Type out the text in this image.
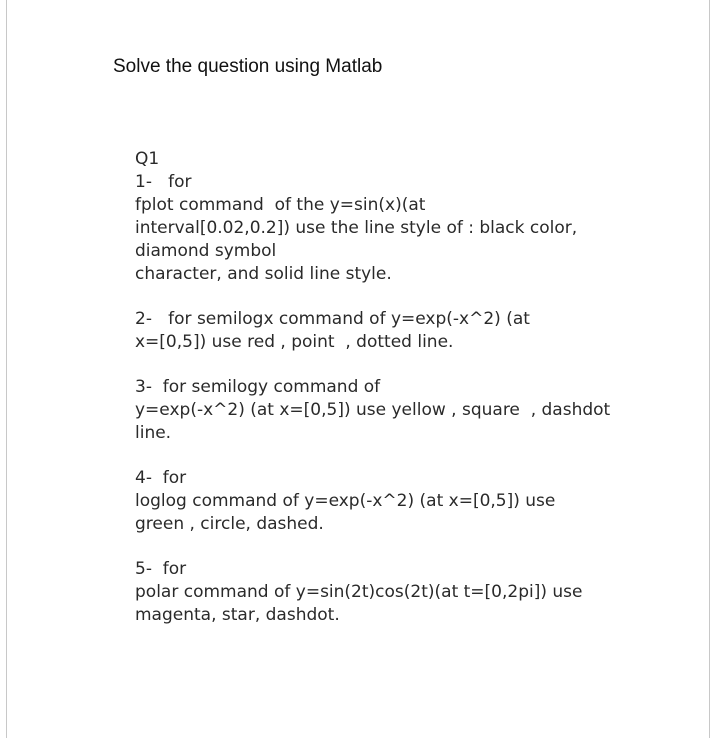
Solve the question using Matlab
Q1
1-   for
fplot command  of the y=sin(x)(at
interval[0.02,0.2]) use the line style of : black color,
diamond symbol
character, and solid line style.
2-   for semilogx command of y=exp(-x^2) (at
x=[0,5]) use red , point  , dotted line.
3-  for semilogy command of
y=exp(-x^2) (at x=[0,5]) use yellow , square  , dashdot
line.
4-  for
loglog command of y=exp(-x^2) (at x=[0,5]) use
green , circle, dashed.
5-  for
polar command of y=sin(2t)cos(2t)(at t=[0,2pi]) use
magenta, star, dashdot.
